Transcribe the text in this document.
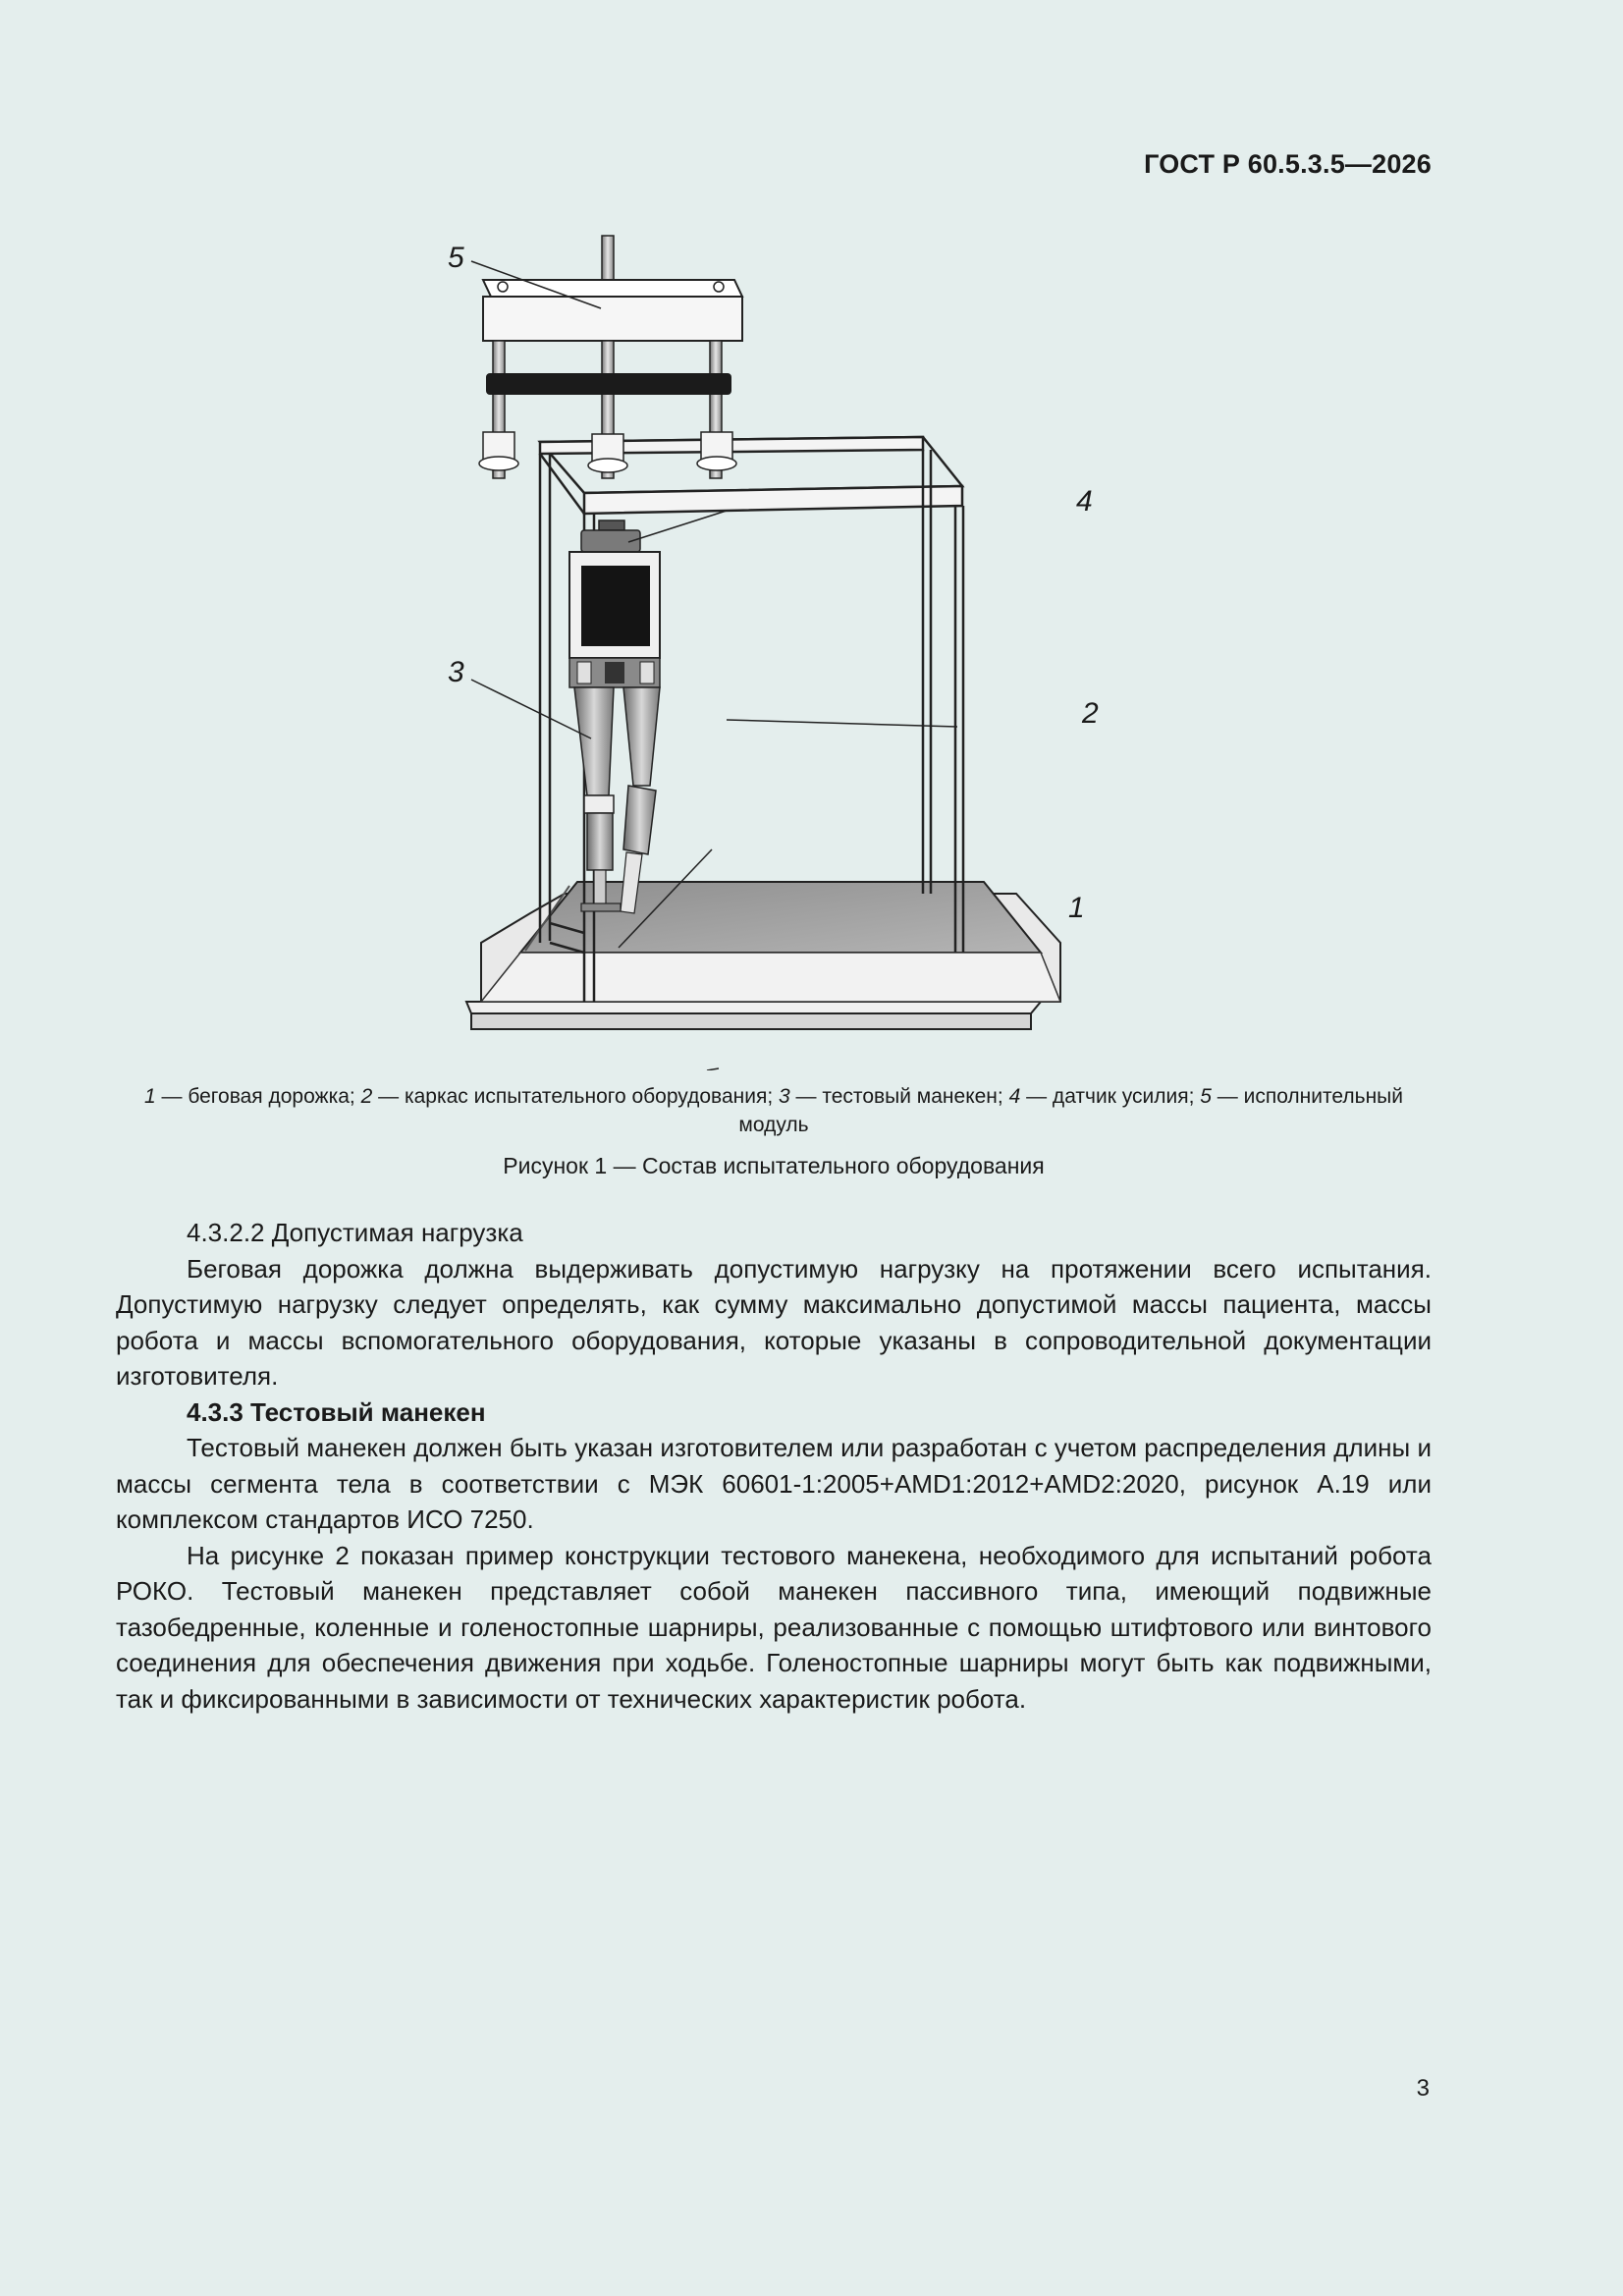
ГОСТ Р 60.5.3.5—2026
5
4
3
2
1
1 — беговая дорожка; 2 — каркас испытательного оборудования; 3 — тестовый манекен; 4 — датчик усилия; 5 — исполнительный модуль
Рисунок 1 — Состав испытательного оборудования

4.3.2.2 Допустимая нагрузка

Беговая дорожка должна выдерживать допустимую нагрузку на протяжении всего испытания. Допустимую нагрузку следует определять, как сумму максимально допустимой массы пациента, массы робота и массы вспомогательного оборудования, которые указаны в сопроводительной документации изготовителя.

4.3.3 Тестовый манекен

Тестовый манекен должен быть указан изготовителем или разработан с учетом распределения длины и массы сегмента тела в соответствии с МЭК 60601-1:2005+AMD1:2012+AMD2:2020, рисунок А.19 или комплексом стандартов ИСО 7250.

На рисунке 2 показан пример конструкции тестового манекена, необходимого для испытаний робота РОКО. Тестовый манекен представляет собой манекен пассивного типа, имеющий подвижные тазобедренные, коленные и голеностопные шарниры, реализованные с помощью штифтового или винтового соединения для обеспечения движения при ходьбе. Голеностопные шарниры могут быть как подвижными, так и фиксированными в зависимости от технических характеристик робота.

3
